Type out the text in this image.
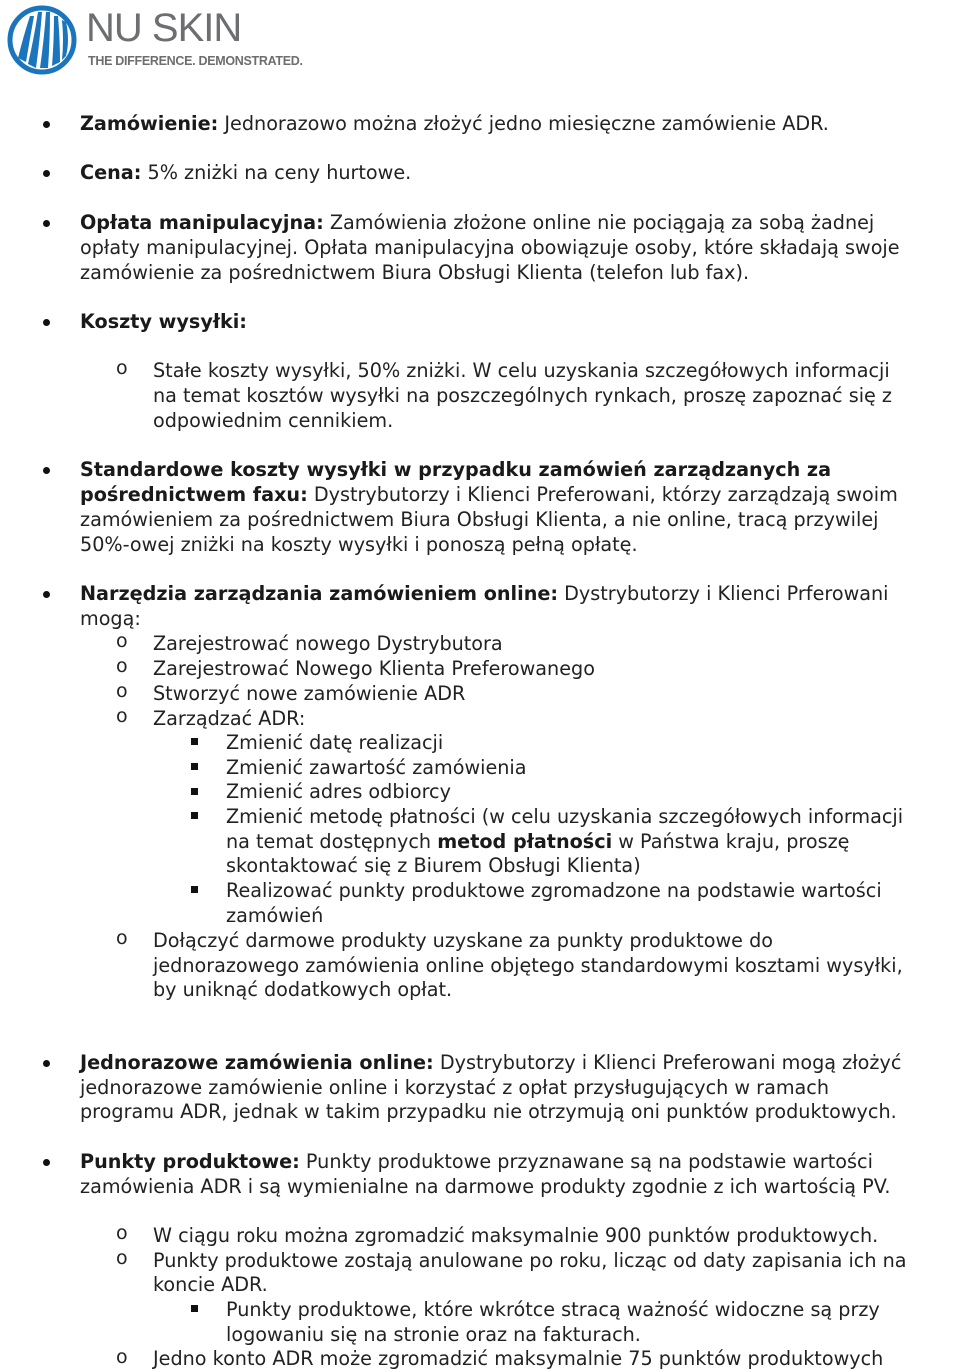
NU SKIN
THE DIFFERENCE. DEMONSTRATED.

Zamówienie: Jednorazowo można złożyć jedno miesięczne zamówienie ADR.

Cena: 5% zniżki na ceny hurtowe.

Opłata manipulacyjna: Zamówienia złożone online nie pociągają za sobą żadnej

opłaty manipulacyjnej. Opłata manipulacyjna obowiązuje osoby, które składają swoje

zamówienie za pośrednictwem Biura Obsługi Klienta (telefon lub fax).

Koszty wysyłki:

o Stałe koszty wysyłki, 50% zniżki. W celu uzyskania szczegółowych informacji

na temat kosztów wysyłki na poszczególnych rynkach, proszę zapoznać się z

odpowiednim cennikiem.

Standardowe koszty wysyłki w przypadku zamówień zarządzanych za

pośrednictwem faxu: Dystrybutorzy i Klienci Preferowani, którzy zarządzają swoim

zamówieniem za pośrednictwem Biura Obsługi Klienta, a nie online, tracą przywilej

50%-owej zniżki na koszty wysyłki i ponoszą pełną opłatę.

Narzędzia zarządzania zamówieniem online: Dystrybutorzy i Klienci Prferowani

mogą:

o Zarejestrować nowego Dystrybutora

o Zarejestrować Nowego Klienta Preferowanego

o Stworzyć nowe zamówienie ADR

o Zarządzać ADR:

Zmienić datę realizacji

Zmienić zawartość zamówienia

Zmienić adres odbiorcy

Zmienić metodę płatności (w celu uzyskania szczegółowych informacji

na temat dostępnych metod płatności w Państwa kraju, proszę

skontaktować się z Biurem Obsługi Klienta)

Realizować punkty produktowe zgromadzone na podstawie wartości

zamówień

o Dołączyć darmowe produkty uzyskane za punkty produktowe do

jednorazowego zamówienia online objętego standardowymi kosztami wysyłki,

by uniknąć dodatkowych opłat.

Jednorazowe zamówienia online: Dystrybutorzy i Klienci Preferowani mogą złożyć

jednorazowe zamówienie online i korzystać z opłat przysługujących w ramach

programu ADR, jednak w takim przypadku nie otrzymują oni punktów produktowych.

Punkty produktowe: Punkty produktowe przyznawane są na podstawie wartości

zamówienia ADR i są wymienialne na darmowe produkty zgodnie z ich wartością PV.

o W ciągu roku można zgromadzić maksymalnie 900 punktów produktowych.

o Punkty produktowe zostają anulowane po roku, licząc od daty zapisania ich na

koncie ADR.

Punkty produktowe, które wkrótce stracą ważność widoczne są przy

logowaniu się na stronie oraz na fakturach.

o Jedno konto ADR może zgromadzić maksymalnie 75 punktów produktowych
